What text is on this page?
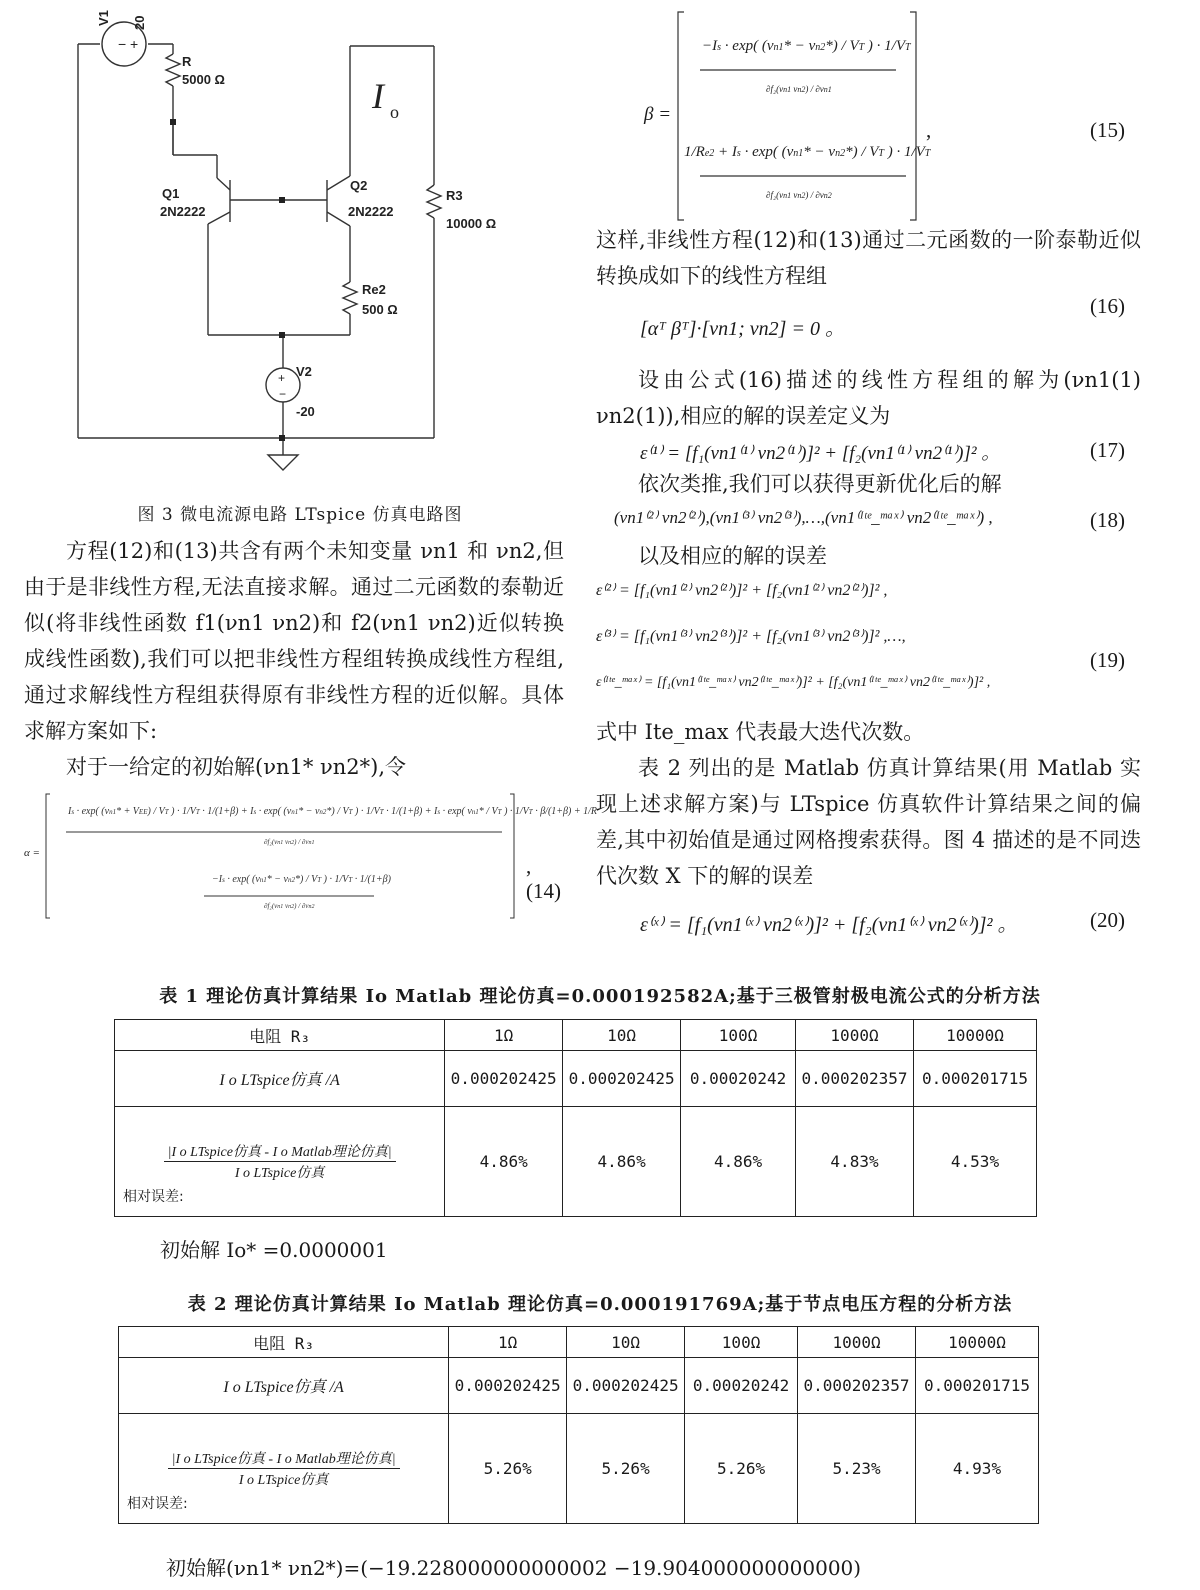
V1 20
− +
R
5000 Ω
Q1
2N2222
Q2
2N2222
R3
10000 Ω
Re2
500 Ω
V2
-20
+
−
I o
图 3 微电流源电路 LTspice 仿真电路图

方程(12)和(13)共含有两个未知变量 νn1 和 νn2,但由于是非线性方程,无法直接求解。通过二元函数的泰勒近似(将非线性函数 f1(νn1 νn2)和 f2(νn1 νn2)近似转换成线性函数),我们可以把非线性方程组转换成线性方程组,通过求解线性方程组获得原有非线性方程的近似解。具体求解方案如下:

对于一给定的初始解(νn1* νn2*),令

α =
Is · exp( (νn1* + VEE) / VT ) · 1/VT · 1/(1+β) + Is · exp( (νn1* − νn2*) / VT ) · 1/VT · 1/(1+β) + Is · exp( νn1* / VT ) · 1/VT · β/(1+β) + 1/R
∂f₂(νn1 νn2) / ∂νn1
−Is · exp( (νn1* − νn2*) / VT ) · 1/VT · 1/(1+β)
∂f₂(νn1 νn2) / ∂νn2
,(14)
β =
−Is · exp( (νn1* − νn2*) / VT ) · 1/VT
∂f₂(νn1 νn2) / ∂νn1
1/Re2 + Is · exp( (νn1* − νn2*) / VT ) · 1/VT
∂f₂(νn1 νn2) / ∂νn2
,	(15)

这样,非线性方程(12)和(13)通过二元函数的一阶泰勒近似转换成如下的线性方程组

[αᵀ βᵀ]·[νn1; νn2] = 0 。
(16)

设由公式(16)描述的线性方程组的解为(νn1(1) νn2(1)),相应的解的误差定义为

ε⁽¹⁾ = [f₁(νn1⁽¹⁾ νn2⁽¹⁾)]² + [f₂(νn1⁽¹⁾ νn2⁽¹⁾)]² 。	(17)

依次类推,我们可以获得更新优化后的解

(νn1⁽²⁾ νn2⁽²⁾),(νn1⁽³⁾ νn2⁽³⁾),…,(νn1⁽ᴵᵗᵉ_ᵐᵃˣ⁾ νn2⁽ᴵᵗᵉ_ᵐᵃˣ⁾) ,	(18)

以及相应的解的误差

ε⁽²⁾ = [f₁(νn1⁽²⁾ νn2⁽²⁾)]² + [f₂(νn1⁽²⁾ νn2⁽²⁾)]² ,
ε⁽³⁾ = [f₁(νn1⁽³⁾ νn2⁽³⁾)]² + [f₂(νn1⁽³⁾ νn2⁽³⁾)]² ,…,
ε⁽ᴵᵗᵉ_ᵐᵃˣ⁾ = [f₁(νn1⁽ᴵᵗᵉ_ᵐᵃˣ⁾ νn2⁽ᴵᵗᵉ_ᵐᵃˣ⁾)]² + [f₂(νn1⁽ᴵᵗᵉ_ᵐᵃˣ⁾ νn2⁽ᴵᵗᵉ_ᵐᵃˣ⁾)]² ,
(19)

式中 Ite_max 代表最大迭代次数。

表 2 列出的是 Matlab 仿真计算结果(用 Matlab 实现上述求解方案)与 LTspice 仿真软件计算结果之间的偏差,其中初始值是通过网格搜索获得。图 4 描述的是不同迭代次数 X 下的解的误差

ε⁽ˣ⁾ = [f₁(νn1⁽ˣ⁾ νn2⁽ˣ⁾)]² + [f₂(νn1⁽ˣ⁾ νn2⁽ˣ⁾)]² 。	(20)
表 1 理论仿真计算结果 Io Matlab 理论仿真=0.000192582A;基于三极管射极电流公式的分析方法
电阻 R₃	1Ω	10Ω	100Ω	1000Ω	10000Ω
I o LTspice仿真 /A	0.000202425	0.000202425	0.00020242	0.000202357	0.000201715

$\frac{\text{|I o LTspice仿真 - I o Matlab理论仿真|}}{\text{I o LTspice仿真}}$
相对误差:	4.86%	4.86%	4.86%	4.83%	4.53%
初始解 Io* =0.0000001
表 2 理论仿真计算结果 Io Matlab 理论仿真=0.000191769A;基于节点电压方程的分析方法
电阻 R₃	1Ω	10Ω	100Ω	1000Ω	10000Ω
I o LTspice仿真 /A	0.000202425	0.000202425	0.00020242	0.000202357	0.000201715

$\frac{\text{|I o LTspice仿真 - I o Matlab理论仿真|}}{\text{I o LTspice仿真}}$
相对误差:	5.26%	5.26%	5.26%	5.23%	4.93%
初始解(νn1* νn2*)=(−19.228000000000002 −19.904000000000000)
